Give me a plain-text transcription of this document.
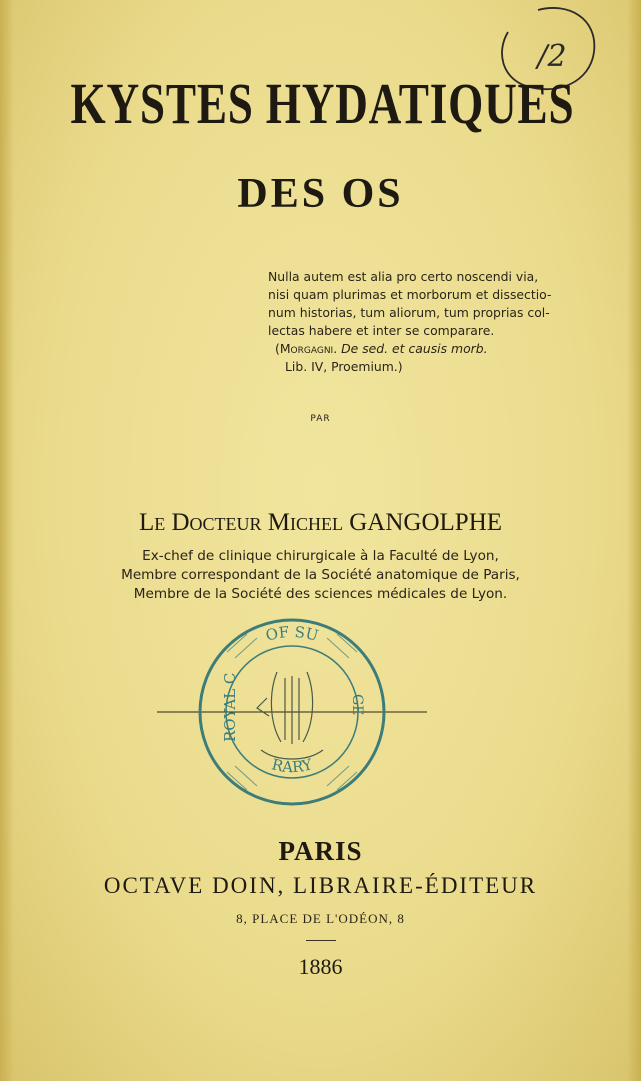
/2
KYSTES HYDATIQUES
DES OS
Nulla autem est alia pro certo noscendi via,
nisi quam plurimas et morborum et dissectio-
num historias, tum aliorum, tum proprias col-
lectas habere et inter se comparare.
(Morgagni. De sed. et causis morb.
Lib. IV, Proemium.)
PAR
Le Docteur Michel GANGOLPHE
Ex-chef de clinique chirurgicale à la Faculté de Lyon,
Membre correspondant de la Société anatomique de Paris,
Membre de la Société des sciences médicales de Lyon.
OF SU
RARY
ROYAL C	GE
PARIS
OCTAVE DOIN, LIBRAIRE-ÉDITEUR
8, PLACE DE L'ODÉON, 8
1886
